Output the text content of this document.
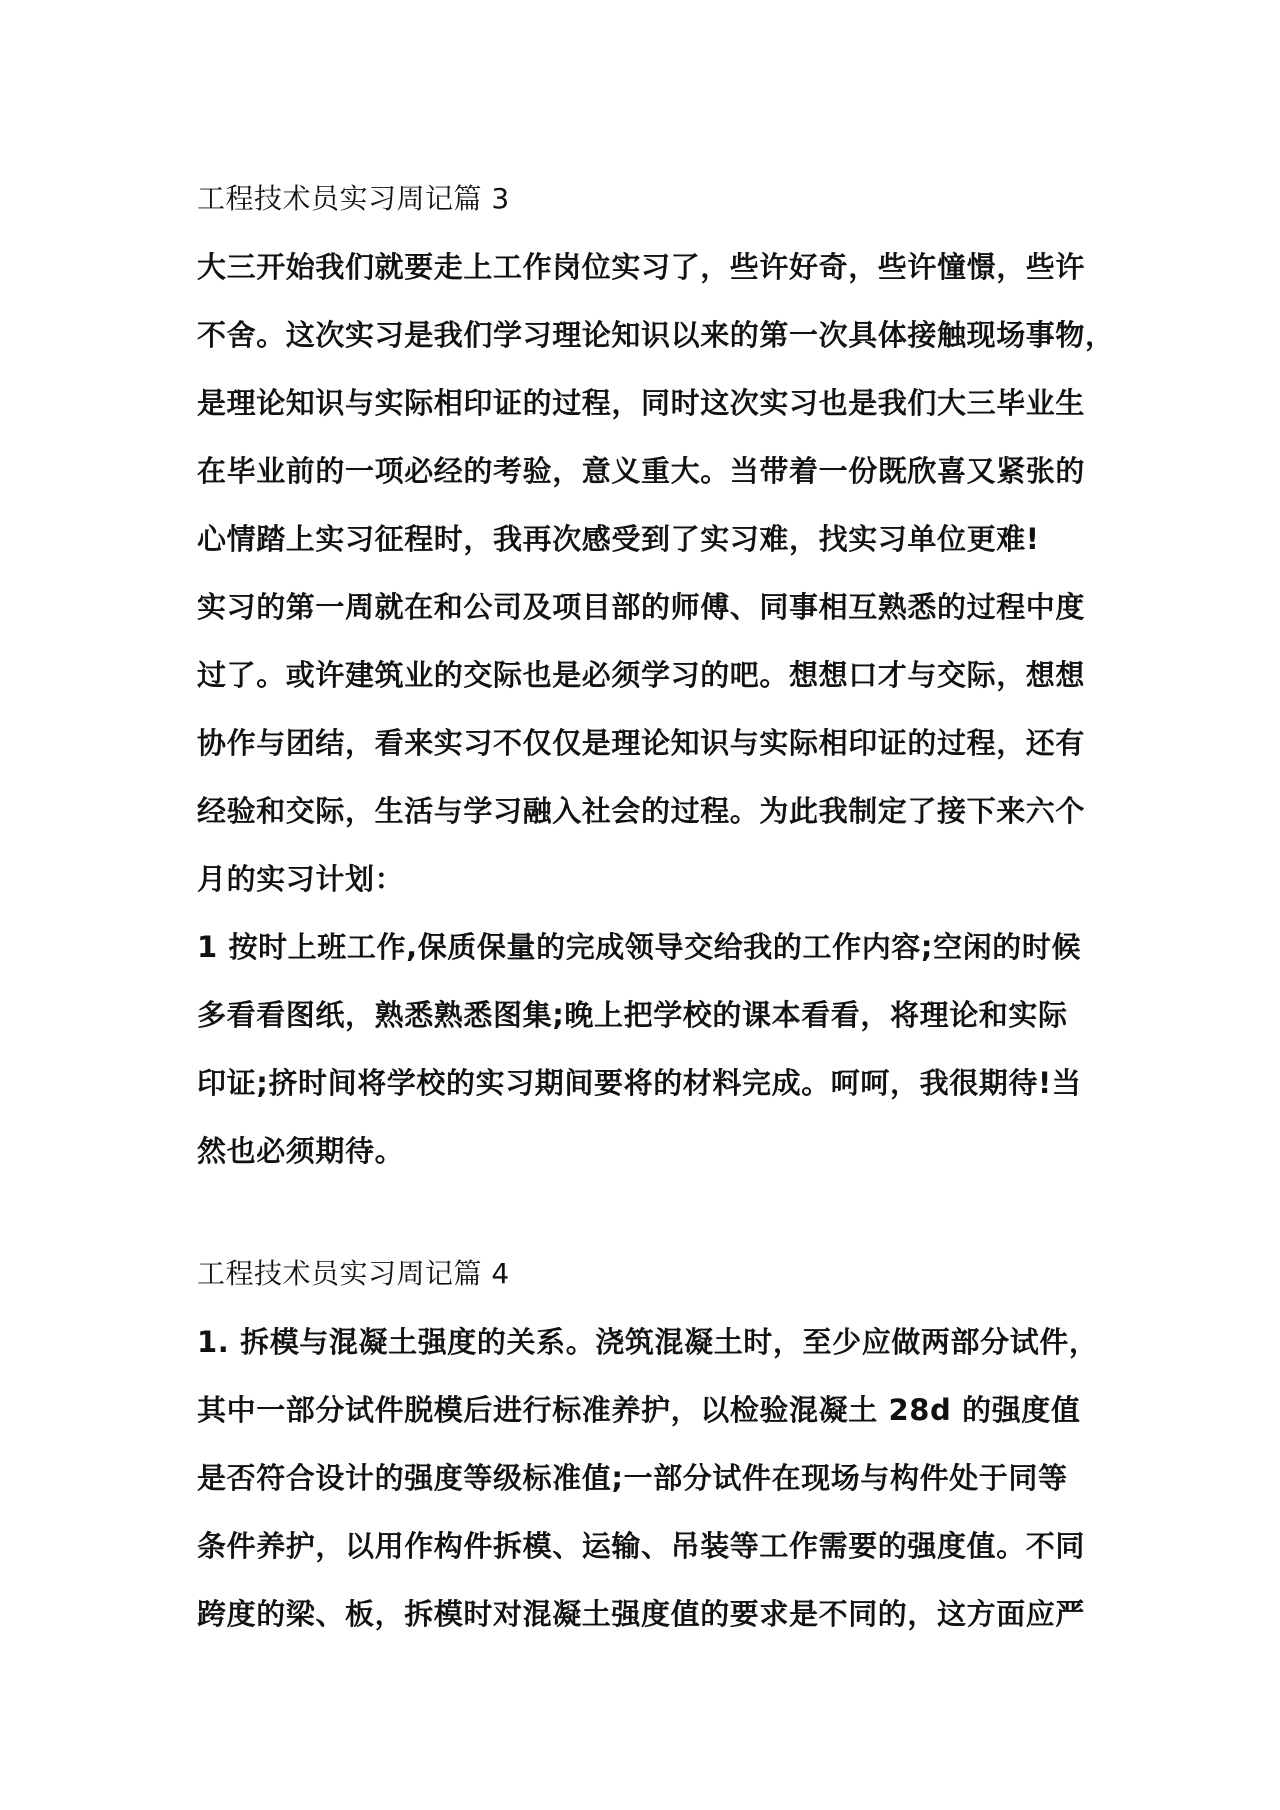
工程技术员实习周记篇 3
大三开始我们就要走上工作岗位实习了，些许好奇，些许憧憬，些许
不舍。这次实习是我们学习理论知识以来的第一次具体接触现场事物，
是理论知识与实际相印证的过程，同时这次实习也是我们大三毕业生
在毕业前的一项必经的考验，意义重大。当带着一份既欣喜又紧张的
心情踏上实习征程时，我再次感受到了实习难，找实习单位更难!
实习的第一周就在和公司及项目部的师傅、同事相互熟悉的过程中度
过了。或许建筑业的交际也是必须学习的吧。想想口才与交际，想想
协作与团结，看来实习不仅仅是理论知识与实际相印证的过程，还有
经验和交际，生活与学习融入社会的过程。为此我制定了接下来六个
月的实习计划：
1 按时上班工作,保质保量的完成领导交给我的工作内容;空闲的时候
多看看图纸，熟悉熟悉图集;晚上把学校的课本看看，将理论和实际
印证;挤时间将学校的实习期间要将的材料完成。呵呵，我很期待!当
然也必须期待。
工程技术员实习周记篇 4
1. 拆模与混凝土强度的关系。浇筑混凝土时，至少应做两部分试件，
其中一部分试件脱模后进行标准养护，以检验混凝土 28d 的强度值
是否符合设计的强度等级标准值;一部分试件在现场与构件处于同等
条件养护，以用作构件拆模、运输、吊装等工作需要的强度值。不同
跨度的梁、板，拆模时对混凝土强度值的要求是不同的，这方面应严
